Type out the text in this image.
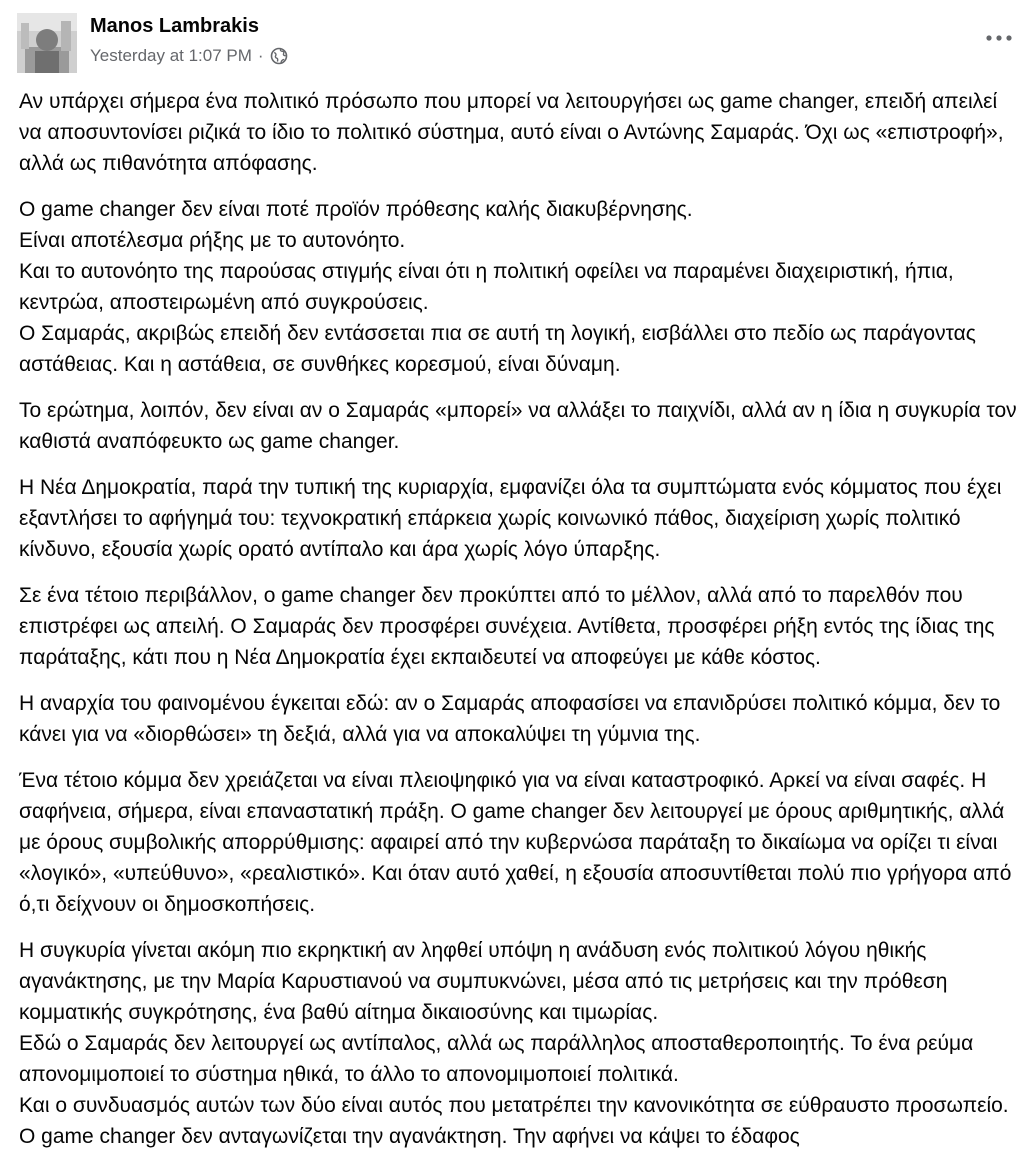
Manos Lambrakis
Yesterday at 1:07 PM ·

Αν υπάρχει σήμερα ένα πολιτικό πρόσωπο που μπορεί να λειτουργήσει ως game changer, επειδή απειλεί να αποσυντονίσει ριζικά το ίδιο το πολιτικό σύστημα, αυτό είναι ο Αντώνης Σαμαράς. Όχι ως «επιστροφή», αλλά ως πιθανότητα απόφασης.

Ο game changer δεν είναι ποτέ προϊόν πρόθεσης καλής διακυβέρνησης.
Είναι αποτέλεσμα ρήξης με το αυτονόητο.
Και το αυτονόητο της παρούσας στιγμής είναι ότι η πολιτική οφείλει να παραμένει διαχειριστική, ήπια, κεντρώα, αποστειρωμένη από συγκρούσεις.
Ο Σαμαράς, ακριβώς επειδή δεν εντάσσεται πια σε αυτή τη λογική, εισβάλλει στο πεδίο ως παράγοντας αστάθειας. Και η αστάθεια, σε συνθήκες κορεσμού, είναι δύναμη.

Το ερώτημα, λοιπόν, δεν είναι αν ο Σαμαράς «μπορεί» να αλλάξει το παιχνίδι, αλλά αν η ίδια η συγκυρία τον καθιστά αναπόφευκτο ως game changer.

Η Νέα Δημοκρατία, παρά την τυπική της κυριαρχία, εμφανίζει όλα τα συμπτώματα ενός κόμματος που έχει εξαντλήσει το αφήγημά του: τεχνοκρατική επάρκεια χωρίς κοινωνικό πάθος, διαχείριση χωρίς πολιτικό κίνδυνο, εξουσία χωρίς ορατό αντίπαλο και άρα χωρίς λόγο ύπαρξης.

Σε ένα τέτοιο περιβάλλον, ο game changer δεν προκύπτει από το μέλλον, αλλά από το παρελθόν που επιστρέφει ως απειλή. Ο Σαμαράς δεν προσφέρει συνέχεια. Αντίθετα, προσφέρει ρήξη εντός της ίδιας της παράταξης, κάτι που η Νέα Δημοκρατία έχει εκπαιδευτεί να αποφεύγει με κάθε κόστος.

Η αναρχία του φαινομένου έγκειται εδώ: αν ο Σαμαράς αποφασίσει να επανιδρύσει πολιτικό κόμμα, δεν το κάνει για να «διορθώσει» τη δεξιά, αλλά για να αποκαλύψει τη γύμνια της.

Ένα τέτοιο κόμμα δεν χρειάζεται να είναι πλειοψηφικό για να είναι καταστροφικό. Αρκεί να είναι σαφές. Η σαφήνεια, σήμερα, είναι επαναστατική πράξη. Ο game changer δεν λειτουργεί με όρους αριθμητικής, αλλά με όρους συμβολικής απορρύθμισης: αφαιρεί από την κυβερνώσα παράταξη το δικαίωμα να ορίζει τι είναι «λογικό», «υπεύθυνο», «ρεαλιστικό». Και όταν αυτό χαθεί, η εξουσία αποσυντίθεται πολύ πιο γρήγορα από ό,τι δείχνουν οι δημοσκοπήσεις.

Η συγκυρία γίνεται ακόμη πιο εκρηκτική αν ληφθεί υπόψη η ανάδυση ενός πολιτικού λόγου ηθικής αγανάκτησης, με την Μαρία Καρυστιανού να συμπυκνώνει, μέσα από τις μετρήσεις και την πρόθεση κομματικής συγκρότησης, ένα βαθύ αίτημα δικαιοσύνης και τιμωρίας.
Εδώ ο Σαμαράς δεν λειτουργεί ως αντίπαλος, αλλά ως παράλληλος αποσταθεροποιητής. Το ένα ρεύμα απονομιμοποιεί το σύστημα ηθικά, το άλλο το απονομιμοποιεί πολιτικά.
Και ο συνδυασμός αυτών των δύο είναι αυτός που μετατρέπει την κανονικότητα σε εύθραυστο προσωπείο. Ο game changer δεν ανταγωνίζεται την αγανάκτηση. Την αφήνει να κάψει το έδαφος
